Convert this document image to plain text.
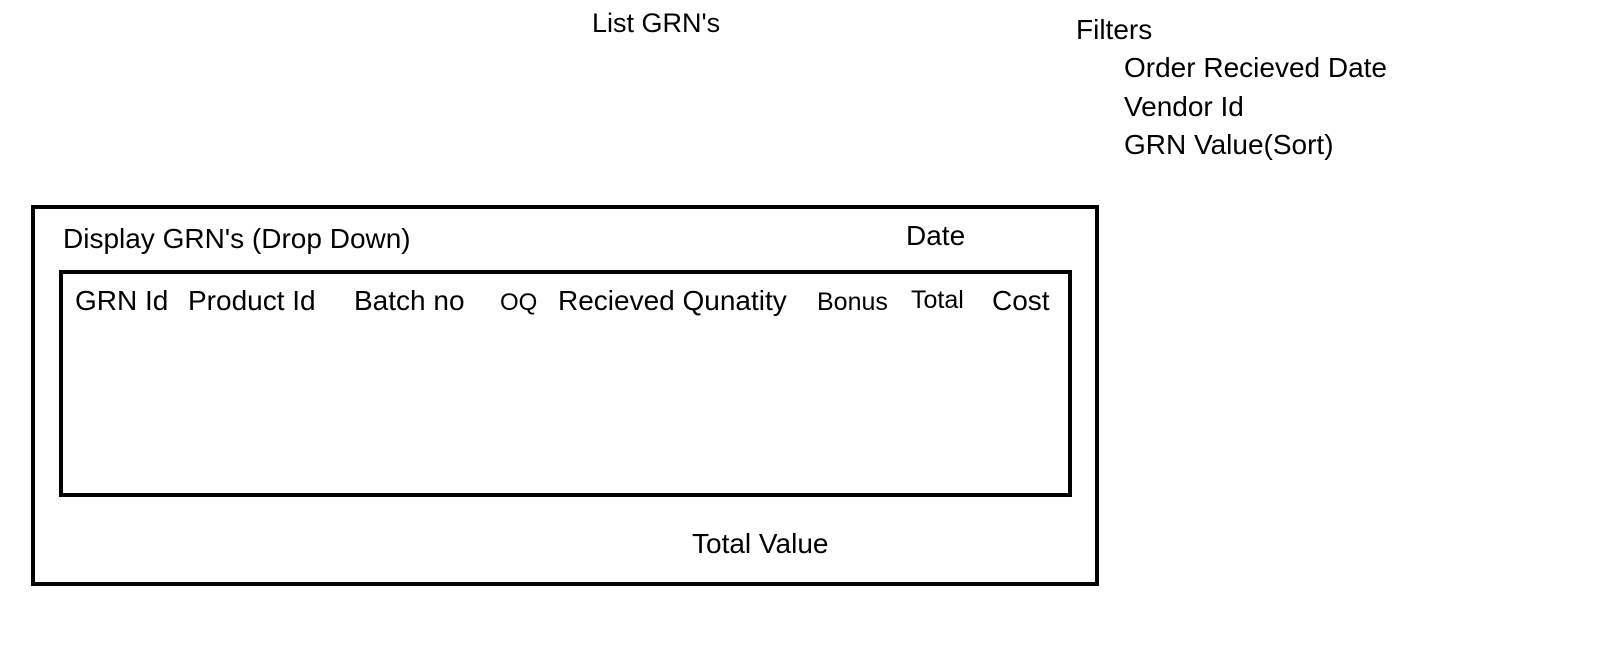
List GRN's	Filters
Order Recieved Date
Vendor Id
GRN Value(Sort)
Display GRN's (Drop Down)	Date
GRN Id Product Id Batch no OQ Recieved Qunatity Bonus Total Cost
Total Value
